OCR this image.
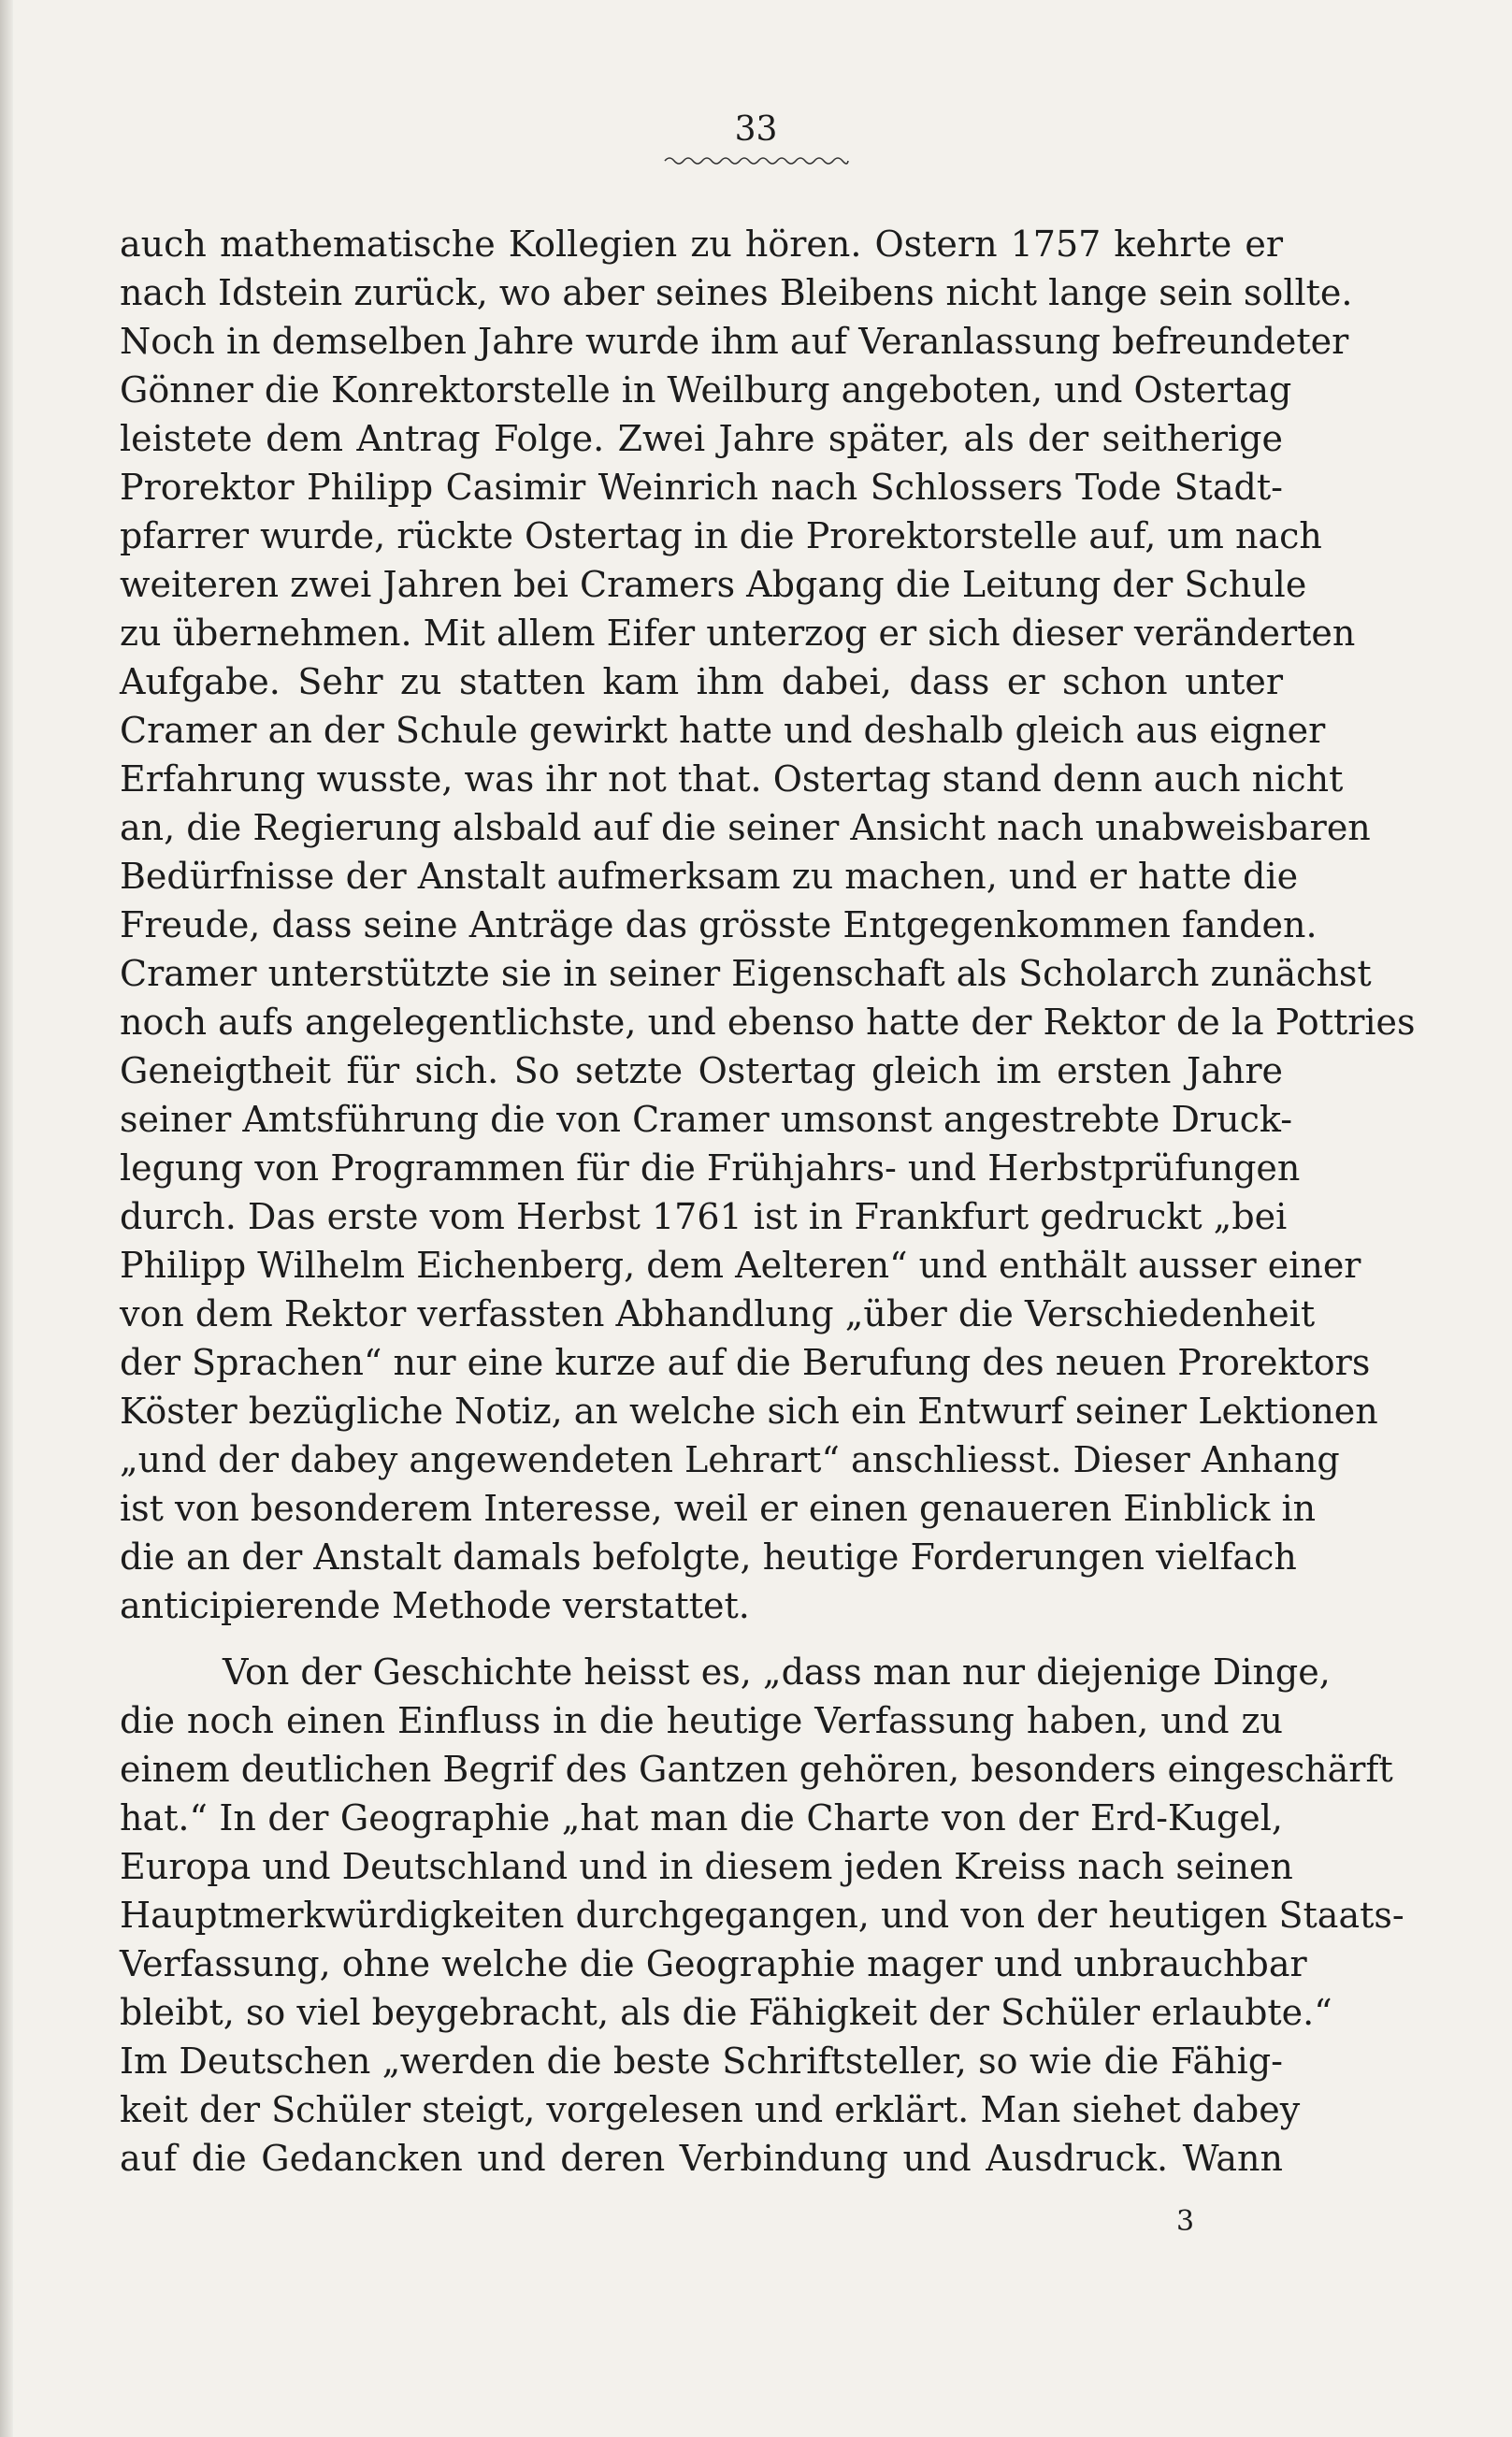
33
auch mathematische Kollegien zu hören. Ostern 1757 kehrte er
nach Idstein zurück, wo aber seines Bleibens nicht lange sein sollte.
Noch in demselben Jahre wurde ihm auf Veranlassung befreundeter
Gönner die Konrektorstelle in Weilburg angeboten, und Ostertag
leistete dem Antrag Folge. Zwei Jahre später, als der seitherige
Prorektor Philipp Casimir Weinrich nach Schlossers Tode Stadt-
pfarrer wurde, rückte Ostertag in die Prorektorstelle auf, um nach
weiteren zwei Jahren bei Cramers Abgang die Leitung der Schule
zu übernehmen. Mit allem Eifer unterzog er sich dieser veränderten
Aufgabe. Sehr zu statten kam ihm dabei, dass er schon unter
Cramer an der Schule gewirkt hatte und deshalb gleich aus eigner
Erfahrung wusste, was ihr not that. Ostertag stand denn auch nicht
an, die Regierung alsbald auf die seiner Ansicht nach unabweisbaren
Bedürfnisse der Anstalt aufmerksam zu machen, und er hatte die
Freude, dass seine Anträge das grösste Entgegenkommen fanden.
Cramer unterstützte sie in seiner Eigenschaft als Scholarch zunächst
noch aufs angelegentlichste, und ebenso hatte der Rektor de la Pottries
Geneigtheit für sich. So setzte Ostertag gleich im ersten Jahre
seiner Amtsführung die von Cramer umsonst angestrebte Druck-
legung von Programmen für die Frühjahrs- und Herbstprüfungen
durch. Das erste vom Herbst 1761 ist in Frankfurt gedruckt „bei
Philipp Wilhelm Eichenberg, dem Aelteren“ und enthält ausser einer
von dem Rektor verfassten Abhandlung „über die Verschiedenheit
der Sprachen“ nur eine kurze auf die Berufung des neuen Prorektors
Köster bezügliche Notiz, an welche sich ein Entwurf seiner Lektionen
„und der dabey angewendeten Lehrart“ anschliesst. Dieser Anhang
ist von besonderem Interesse, weil er einen genaueren Einblick in
die an der Anstalt damals befolgte, heutige Forderungen vielfach
anticipierende Methode verstattet.
Von der Geschichte heisst es, „dass man nur diejenige Dinge,
die noch einen Einfluss in die heutige Verfassung haben, und zu
einem deutlichen Begrif des Gantzen gehören, besonders eingeschärft
hat.“ In der Geographie „hat man die Charte von der Erd-Kugel,
Europa und Deutschland und in diesem jeden Kreiss nach seinen
Hauptmerkwürdigkeiten durchgegangen, und von der heutigen Staats-
Verfassung, ohne welche die Geographie mager und unbrauchbar
bleibt, so viel beygebracht, als die Fähigkeit der Schüler erlaubte.“
Im Deutschen „werden die beste Schriftsteller, so wie die Fähig-
keit der Schüler steigt, vorgelesen und erklärt. Man siehet dabey
auf die Gedancken und deren Verbindung und Ausdruck. Wann
3
